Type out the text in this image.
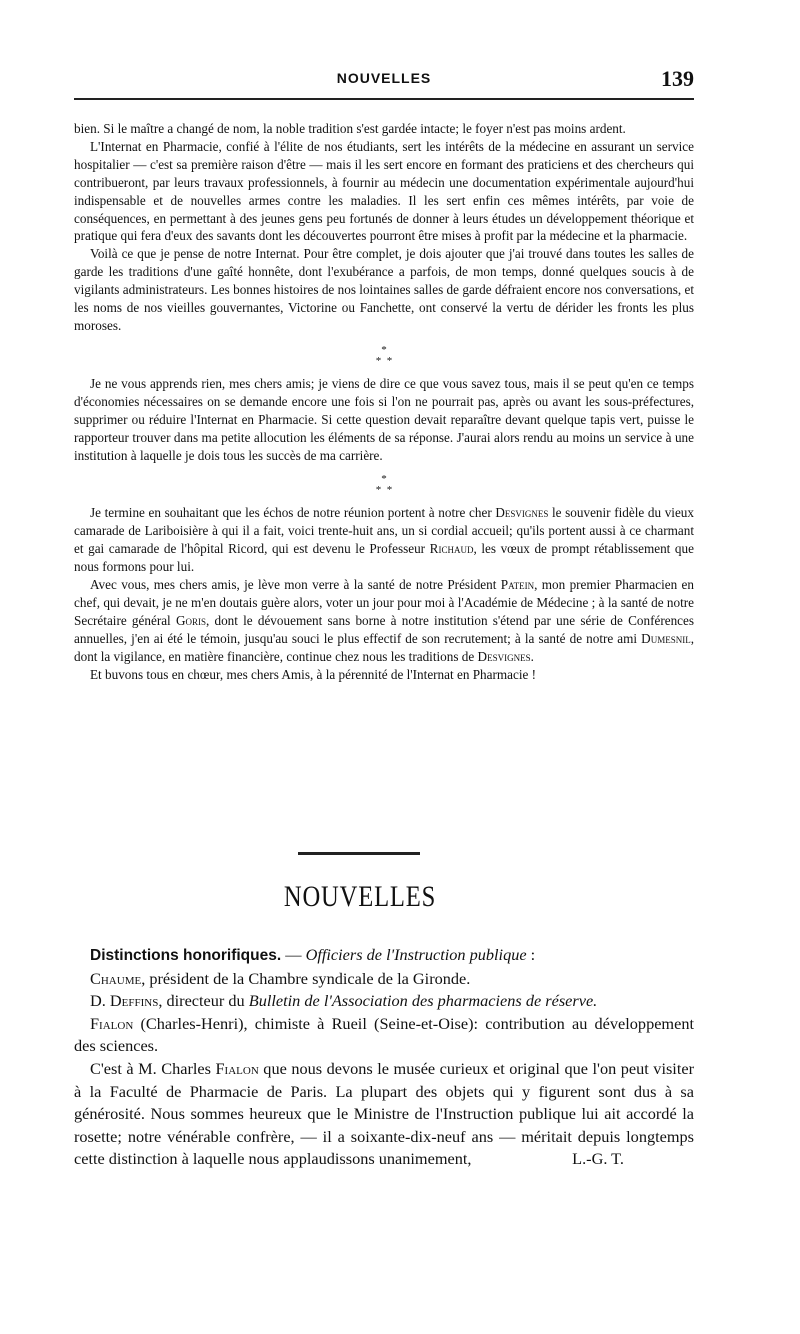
NOUVELLES	139

bien. Si le maître a changé de nom, la noble tradition s'est gardée intacte; le foyer n'est pas moins ardent.

L'Internat en Pharmacie, confié à l'élite de nos étudiants, sert les intérêts de la médecine en assurant un service hospitalier — c'est sa première raison d'être — mais il les sert encore en formant des praticiens et des chercheurs qui contribueront, par leurs travaux professionnels, à fournir au médecin une documentation expérimentale aujourd'hui indispensable et de nouvelles armes contre les maladies. Il les sert enfin ces mêmes intérêts, par voie de conséquences, en permettant à des jeunes gens peu fortunés de donner à leurs études un développement théorique et pratique qui fera d'eux des savants dont les découvertes pourront être mises à profit par la médecine et la pharmacie.

Voilà ce que je pense de notre Internat. Pour être complet, je dois ajouter que j'ai trouvé dans toutes les salles de garde les traditions d'une gaîté honnête, dont l'exubérance a parfois, de mon temps, donné quelques soucis à de vigilants administrateurs. Les bonnes histoires de nos lointaines salles de garde défraient encore nos conversations, et les noms de nos vieilles gouvernantes, Victorine ou Fanchette, ont conservé la vertu de dérider les fronts les plus moroses.

*
* *

Je ne vous apprends rien, mes chers amis; je viens de dire ce que vous savez tous, mais il se peut qu'en ce temps d'économies nécessaires on se demande encore une fois si l'on ne pourrait pas, après ou avant les sous-préfectures, supprimer ou réduire l'Internat en Pharmacie. Si cette question devait reparaître devant quelque tapis vert, puisse le rapporteur trouver dans ma petite allocution les éléments de sa réponse. J'aurai alors rendu au moins un service à une institution à laquelle je dois tous les succès de ma carrière.

*
* *

Je termine en souhaitant que les échos de notre réunion portent à notre cher Desvignes le souvenir fidèle du vieux camarade de Lariboisière à qui il a fait, voici trente-huit ans, un si cordial accueil; qu'ils portent aussi à ce charmant et gai camarade de l'hôpital Ricord, qui est devenu le Professeur Richaud, les vœux de prompt rétablissement que nous formons pour lui.

Avec vous, mes chers amis, je lève mon verre à la santé de notre Président Patein, mon premier Pharmacien en chef, qui devait, je ne m'en doutais guère alors, voter un jour pour moi à l'Académie de Médecine ; à la santé de notre Secrétaire général Goris, dont le dévouement sans borne à notre institution s'étend par une série de Conférences annuelles, j'en ai été le témoin, jusqu'au souci le plus effectif de son recrutement; à la santé de notre ami Dumesnil, dont la vigilance, en matière financière, continue chez nous les traditions de Desvignes.

Et buvons tous en chœur, mes chers Amis, à la pérennité de l'Internat en Pharmacie !

NOUVELLES

Distinctions honorifiques. — Officiers de l'Instruction publique :

Chaume, président de la Chambre syndicale de la Gironde.

D. Deffins, directeur du Bulletin de l'Association des pharmaciens de réserve.

Fialon (Charles-Henri), chimiste à Rueil (Seine-et-Oise): contribution au développement des sciences.

C'est à M. Charles Fialon que nous devons le musée curieux et original que l'on peut visiter à la Faculté de Pharmacie de Paris. La plupart des objets qui y figurent sont dus à sa générosité. Nous sommes heureux que le Ministre de l'Instruction publique lui ait accordé la rosette; notre vénérable confrère, — il a soixante-dix-neuf ans — méritait depuis longtemps cette distinction à laquelle nous applaudissons unanimement,	L.-G. T.
